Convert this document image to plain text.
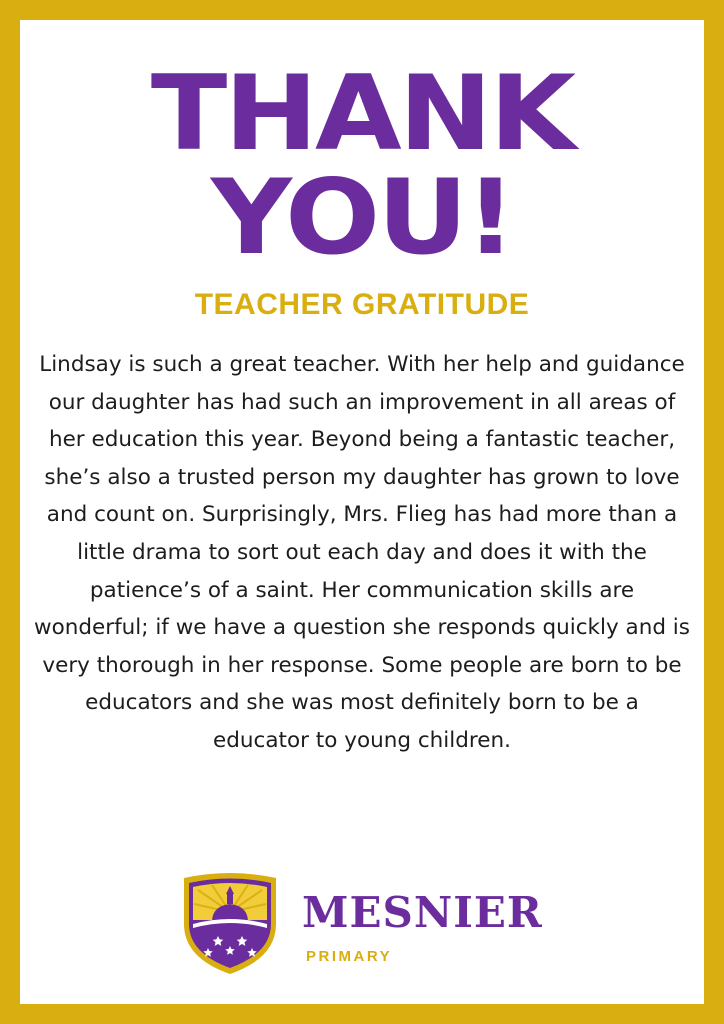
THANK
YOU!
TEACHER GRATITUDE

Lindsay is such a great teacher. With her help and guidance our daughter has had such an improvement in all areas of her education this year. Beyond being a fantastic teacher, she’s also a trusted person my daughter has grown to love and count on. Surprisingly, Mrs. Flieg has had more than a little drama to sort out each day and does it with the patience’s of a saint. Her communication skills are wonderful; if we have a question she responds quickly and is very thorough in her response. Some people are born to be educators and she was most definitely born to be a educator to young children.

MESNIER
PRIMARY
